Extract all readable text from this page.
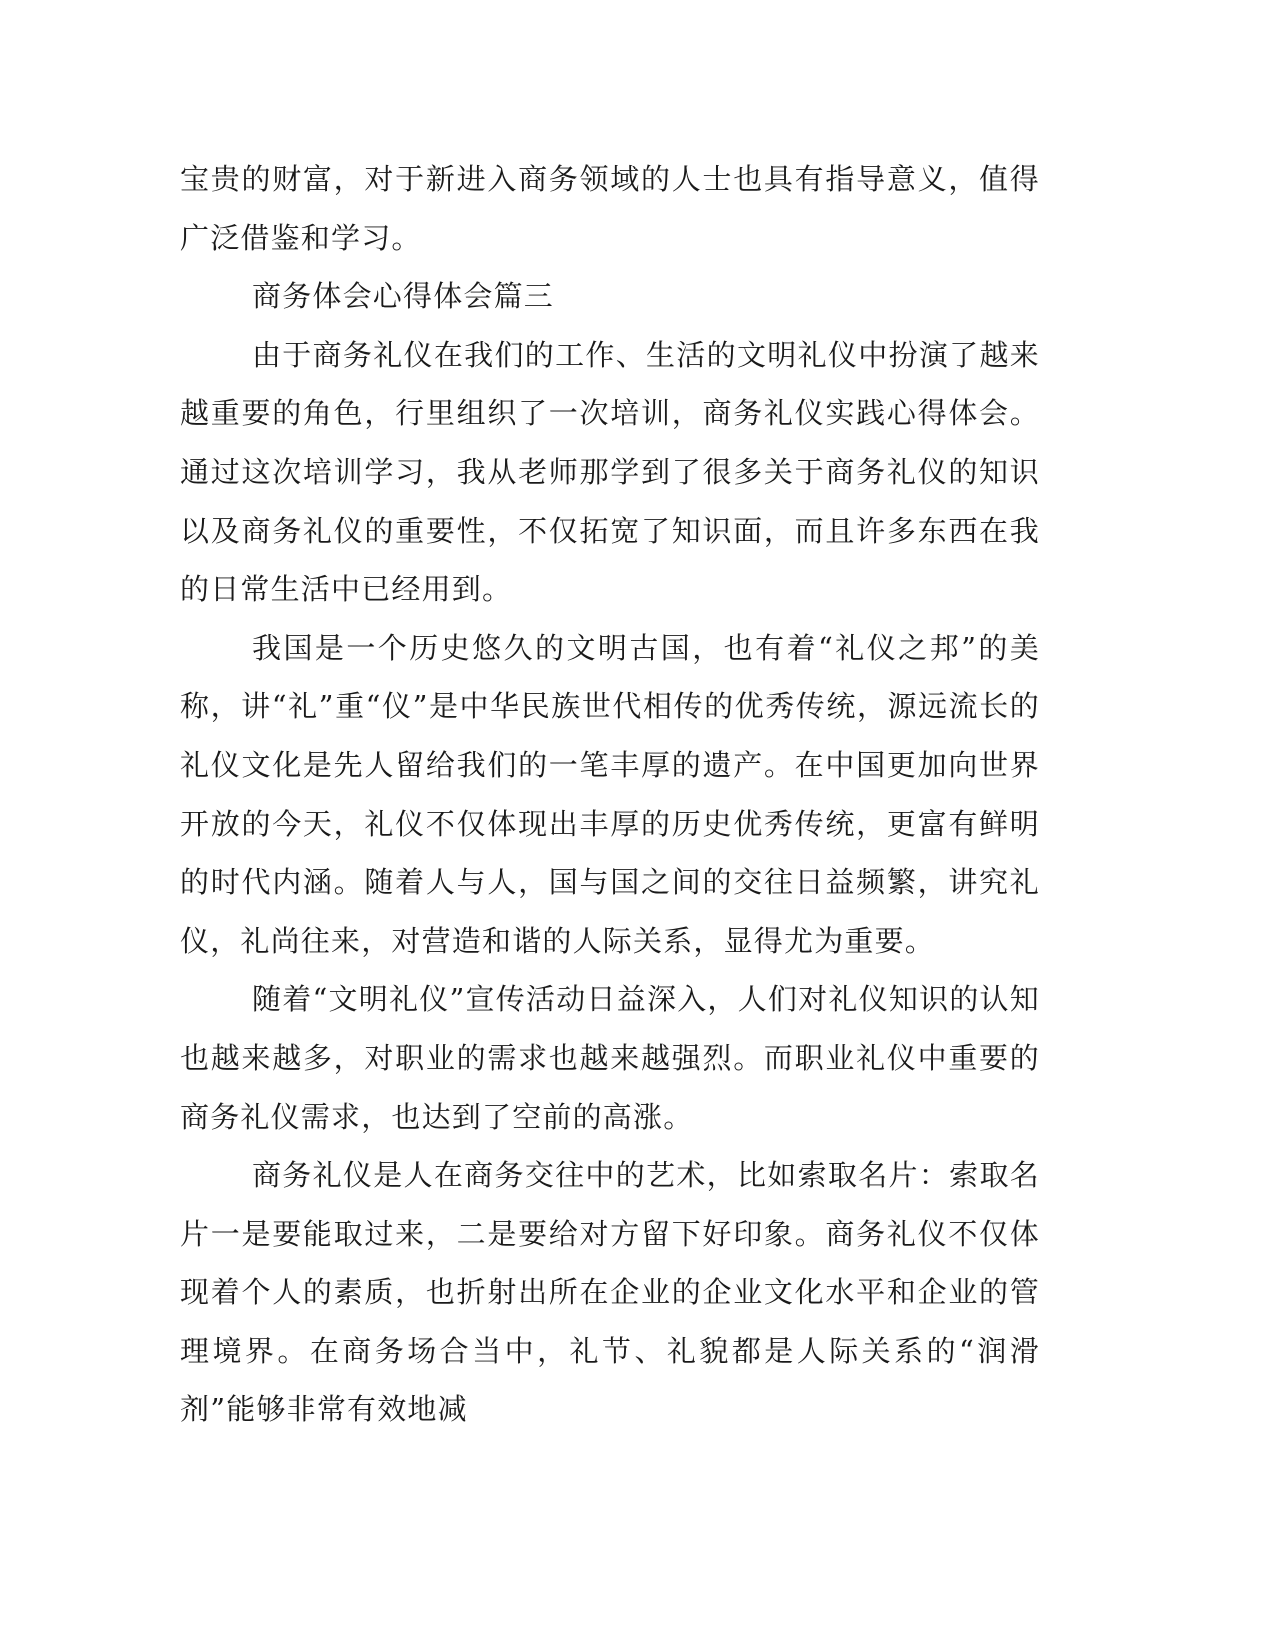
宝贵的财富，对于新进入商务领域的人士也具有指导意义，值得广泛借鉴和学习。

商务体会心得体会篇三

由于商务礼仪在我们的工作、生活的文明礼仪中扮演了越来越重要的角色，行里组织了一次培训，商务礼仪实践心得体会。通过这次培训学习，我从老师那学到了很多关于商务礼仪的知识以及商务礼仪的重要性，不仅拓宽了知识面，而且许多东西在我的日常生活中已经用到。

我国是一个历史悠久的文明古国，也有着“礼仪之邦”的美称，讲“礼”重“仪”是中华民族世代相传的优秀传统，源远流长的礼仪文化是先人留给我们的一笔丰厚的遗产。在中国更加向世界开放的今天，礼仪不仅体现出丰厚的历史优秀传统，更富有鲜明的时代内涵。随着人与人，国与国之间的交往日益频繁，讲究礼仪，礼尚往来，对营造和谐的人际关系，显得尤为重要。

随着“文明礼仪”宣传活动日益深入，人们对礼仪知识的认知也越来越多，对职业的需求也越来越强烈。而职业礼仪中重要的商务礼仪需求，也达到了空前的高涨。

商务礼仪是人在商务交往中的艺术，比如索取名片：索取名片一是要能取过来，二是要给对方留下好印象。商务礼仪不仅体现着个人的素质，也折射出所在企业的企业文化水平和企业的管理境界。在商务场合当中，礼节、礼貌都是人际关系的“润滑剂”能够非常有效地减
